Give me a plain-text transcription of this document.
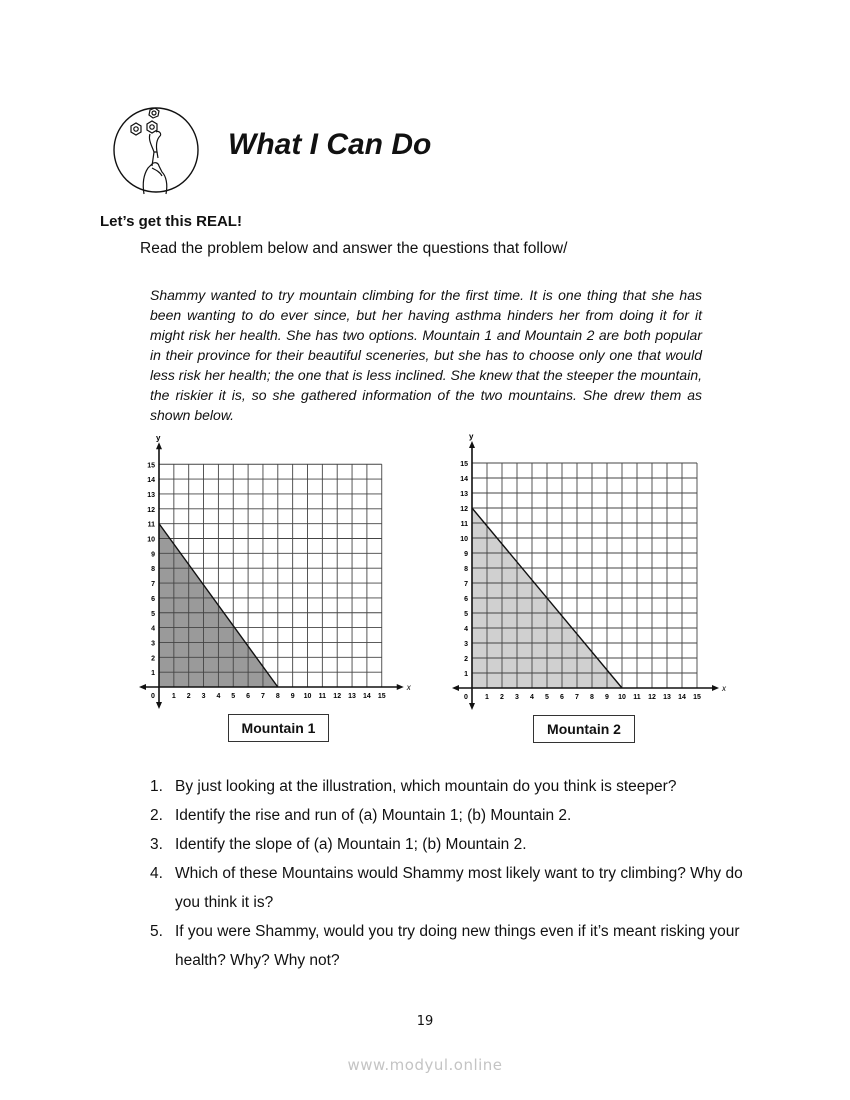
What I Can Do
Let’s get this REAL!
Read the problem below and answer the questions that follow/
Shammy wanted to try mountain climbing for the first time. It is one thing that she has been wanting to do ever since, but her having asthma hinders her from doing it for it might risk her health. She has two options. Mountain 1 and Mountain 2 are both popular in their province for their beautiful sceneries, but she has to choose only one that would less risk her health; the one that is less inclined. She knew that the steeper the mountain, the riskier it is, so she gathered information of the two mountains. She drew them as shown below.
x
y
0 1 2 3 4 5 6 7 8 9 10 11 12 13 14 15
1
2
3
4
5
6
7
8
9
10
11
12
13
14
15
Mountain 1
x
y
0 1 2 3 4 5 6 7 8 9 10 11 12 13 14 15
1
2
3
4
5
6
7
8
9
10
11
12
13
14
15
Mountain 2
1. By just looking at the illustration, which mountain do you think is steeper?
2. Identify the rise and run of (a) Mountain 1; (b) Mountain 2.
3. Identify the slope of (a) Mountain 1; (b) Mountain 2.
4. Which of these Mountains would Shammy most likely want to try climbing? Why do you think it is?
5. If you were Shammy, would you try doing new things even if it’s meant risking your health? Why? Why not?
19
www.modyul.online
